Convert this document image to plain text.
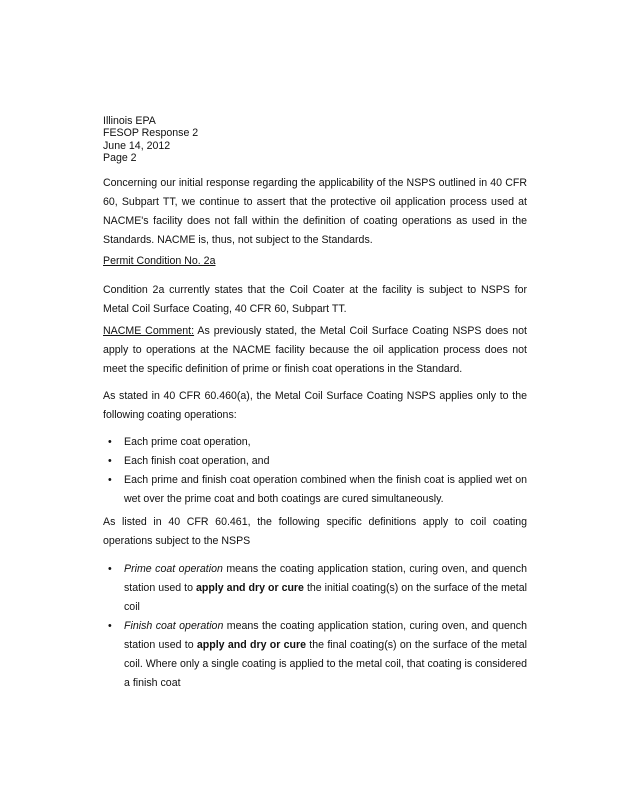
Illinois EPA
FESOP Response 2
June 14, 2012
Page 2
Concerning our initial response regarding the applicability of the NSPS outlined in 40 CFR 60, Subpart TT, we continue to assert that the protective oil application process used at NACME's facility does not fall within the definition of coating operations as used in the Standards. NACME is, thus, not subject to the Standards.
Permit Condition No. 2a
Condition 2a currently states that the Coil Coater at the facility is subject to NSPS for Metal Coil Surface Coating, 40 CFR 60, Subpart TT.
NACME Comment: As previously stated, the Metal Coil Surface Coating NSPS does not apply to operations at the NACME facility because the oil application process does not meet the specific definition of prime or finish coat operations in the Standard.
As stated in 40 CFR 60.460(a), the Metal Coil Surface Coating NSPS applies only to the following coating operations:
• Each prime coat operation,
• Each finish coat operation, and
• Each prime and finish coat operation combined when the finish coat is applied wet on wet over the prime coat and both coatings are cured simultaneously.
As listed in 40 CFR 60.461, the following specific definitions apply to coil coating operations subject to the NSPS
• Prime coat operation means the coating application station, curing oven, and quench station used to apply and dry or cure the initial coating(s) on the surface of the metal coil
• Finish coat operation means the coating application station, curing oven, and quench station used to apply and dry or cure the final coating(s) on the surface of the metal coil. Where only a single coating is applied to the metal coil, that coating is considered a finish coat
